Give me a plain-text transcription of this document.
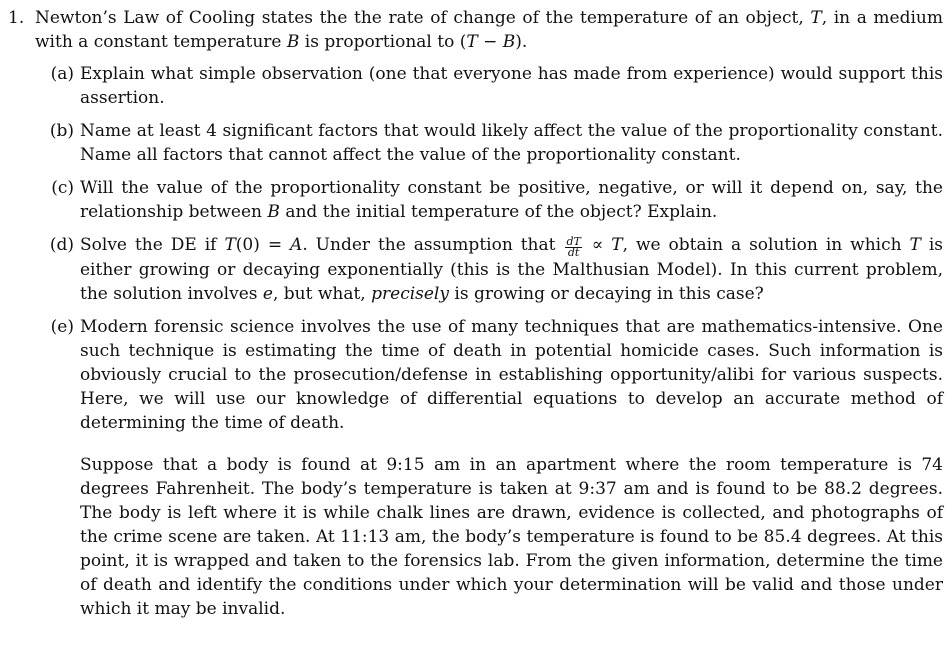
1. Newton’s Law of Cooling states the the rate of change of the temperature of an object, T, in a medium with a constant temperature B is proportional to (T − B).
(a) Explain what simple observation (one that everyone has made from experience) would support this assertion.
(b) Name at least 4 significant factors that would likely affect the value of the proportionality constant. Name all factors that cannot affect the value of the proportionality constant.
(c) Will the value of the proportionality constant be positive, negative, or will it depend on, say, the relationship between B and the initial temperature of the object? Explain.
(d) Solve the DE if T(0) = A. Under the assumption that $\frac{dT}{dt} \propto T$, we obtain a solution in which T is either growing or decaying exponentially (this is the Malthusian Model). In this current problem, the solution involves e, but what, precisely is growing or decaying in this case?
(e) Modern forensic science involves the use of many techniques that are mathematics-intensive. One such technique is estimating the time of death in potential homicide cases. Such information is obviously crucial to the prosecution/defense in establishing opportunity/alibi for various suspects. Here, we will use our knowledge of differential equations to develop an accurate method of determining the time of death.
Suppose that a body is found at 9:15 am in an apartment where the room temperature is 74 degrees Fahrenheit. The body’s temperature is taken at 9:37 am and is found to be 88.2 degrees. The body is left where it is while chalk lines are drawn, evidence is collected, and photographs of the crime scene are taken. At 11:13 am, the body’s temperature is found to be 85.4 degrees. At this point, it is wrapped and taken to the forensics lab. From the given information, determine the time of death and identify the conditions under which your determination will be valid and those under which it may be invalid.
